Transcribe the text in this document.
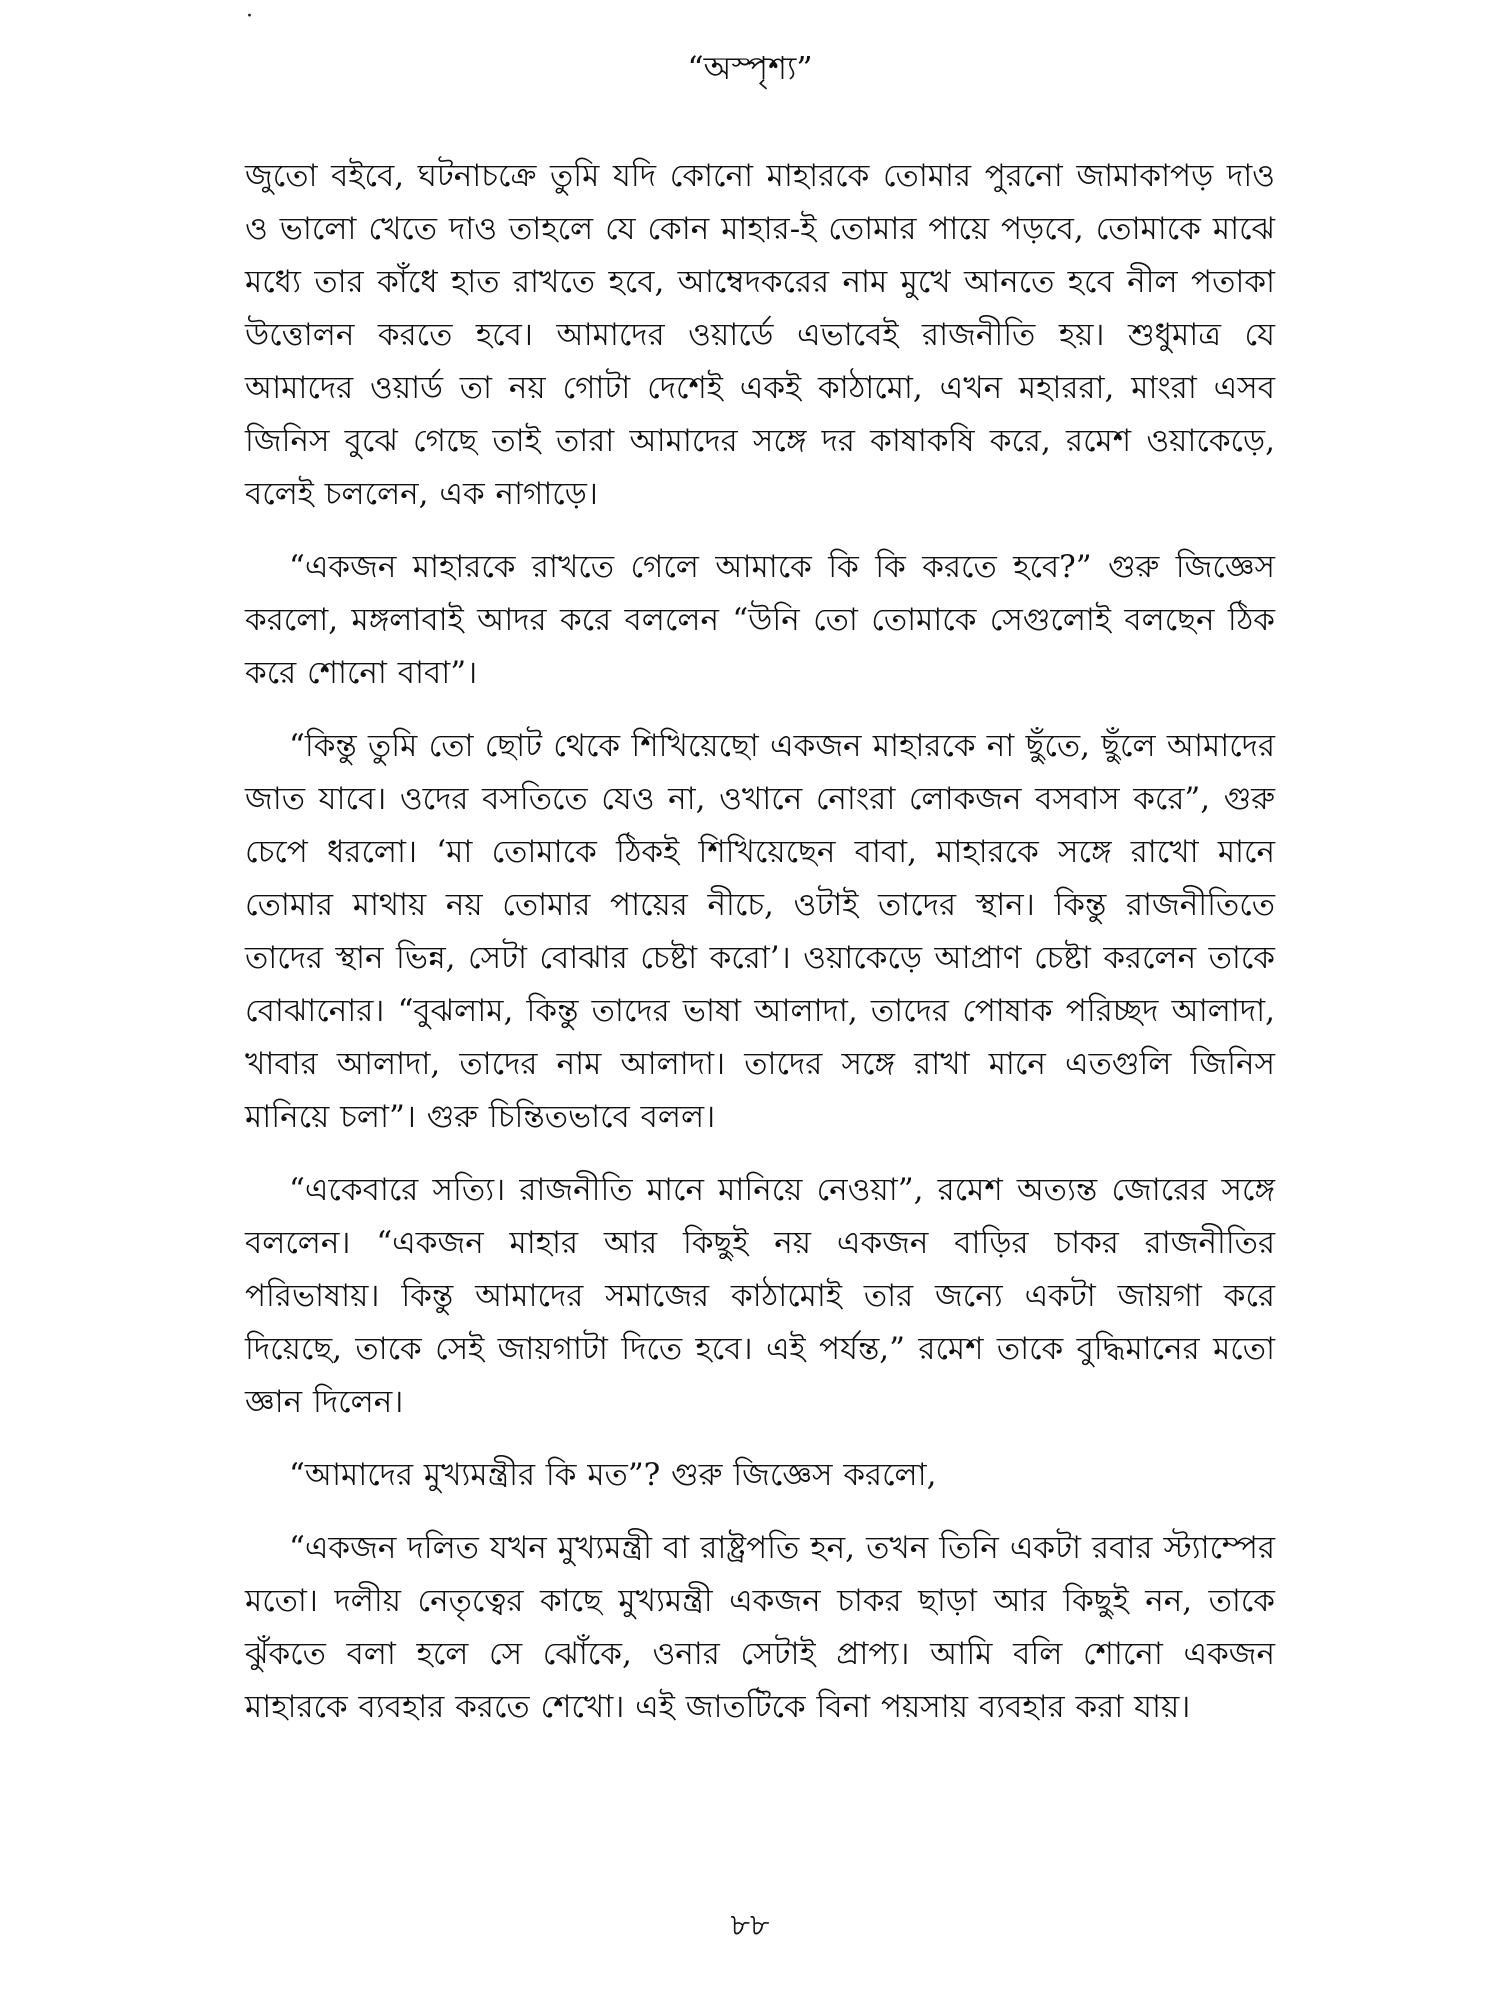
·
“অস্পৃশ্য”

জুতো বইবে, ঘটনাচক্রে তুমি যদি কোনো মাহারকে তোমার পুরনো জামাকাপড় দাও ও ভালো খেতে দাও তাহলে যে কোন মাহার-ই তোমার পায়ে পড়বে, তোমাকে মাঝে মধ্যে তার কাঁধে হাত রাখতে হবে, আম্বেদকরের নাম মুখে আনতে হবে নীল পতাকা উত্তোলন করতে হবে। আমাদের ওয়ার্ডে এভাবেই রাজনীতি হয়। শুধুমাত্র যে আমাদের ওয়ার্ড তা নয় গোটা দেশেই একই কাঠামো, এখন মহাররা, মাংরা এসব জিনিস বুঝে গেছে তাই তারা আমাদের সঙ্গে দর কাষাকষি করে, রমেশ ওয়াকেড়ে, বলেই চললেন, এক নাগাড়ে।

“একজন মাহারকে রাখতে গেলে আমাকে কি কি করতে হবে?” গুরু জিজ্ঞেস করলো, মঙ্গলাবাই আদর করে বললেন “উনি তো তোমাকে সেগুলোই বলছেন ঠিক করে শোনো বাবা”।

“কিন্তু তুমি তো ছোট থেকে শিখিয়েছো একজন মাহারকে না ছুঁতে, ছুঁলে আমাদের জাত যাবে। ওদের বসতিতে যেও না, ওখানে নোংরা লোকজন বসবাস করে”, গুরু চেপে ধরলো। ‘মা তোমাকে ঠিকই শিখিয়েছেন বাবা, মাহারকে সঙ্গে রাখো মানে তোমার মাথায় নয় তোমার পায়ের নীচে, ওটাই তাদের স্থান। কিন্তু রাজনীতিতে তাদের স্থান ভিন্ন, সেটা বোঝার চেষ্টা করো’। ওয়াকেড়ে আপ্রাণ চেষ্টা করলেন তাকে বোঝানোর। “বুঝলাম, কিন্তু তাদের ভাষা আলাদা, তাদের পোষাক পরিচ্ছদ আলাদা, খাবার আলাদা, তাদের নাম আলাদা। তাদের সঙ্গে রাখা মানে এতগুলি জিনিস মানিয়ে চলা”। গুরু চিন্তিতভাবে বলল।

“একেবারে সত্যি। রাজনীতি মানে মানিয়ে নেওয়া”, রমেশ অত্যন্ত জোরের সঙ্গে বললেন। “একজন মাহার আর কিছুই নয় একজন বাড়ির চাকর রাজনীতির পরিভাষায়। কিন্তু আমাদের সমাজের কাঠামোই তার জন্যে একটা জায়গা করে দিয়েছে, তাকে সেই জায়গাটা দিতে হবে। এই পর্যন্ত,” রমেশ তাকে বুদ্ধিমানের মতো জ্ঞান দিলেন।

“আমাদের মুখ্যমন্ত্রীর কি মত”? গুরু জিজ্ঞেস করলো,

“একজন দলিত যখন মুখ্যমন্ত্রী বা রাষ্ট্রপতি হন, তখন তিনি একটা রবার স্ট্যাম্পের মতো। দলীয় নেতৃত্বের কাছে মুখ্যমন্ত্রী একজন চাকর ছাড়া আর কিছুই নন, তাকে ঝুঁকতে বলা হলে সে ঝোঁকে, ওনার সেটাই প্রাপ্য। আমি বলি শোনো একজন মাহারকে ব্যবহার করতে শেখো। এই জাতটিকে বিনা পয়সায় ব্যবহার করা যায়।

৮৮
